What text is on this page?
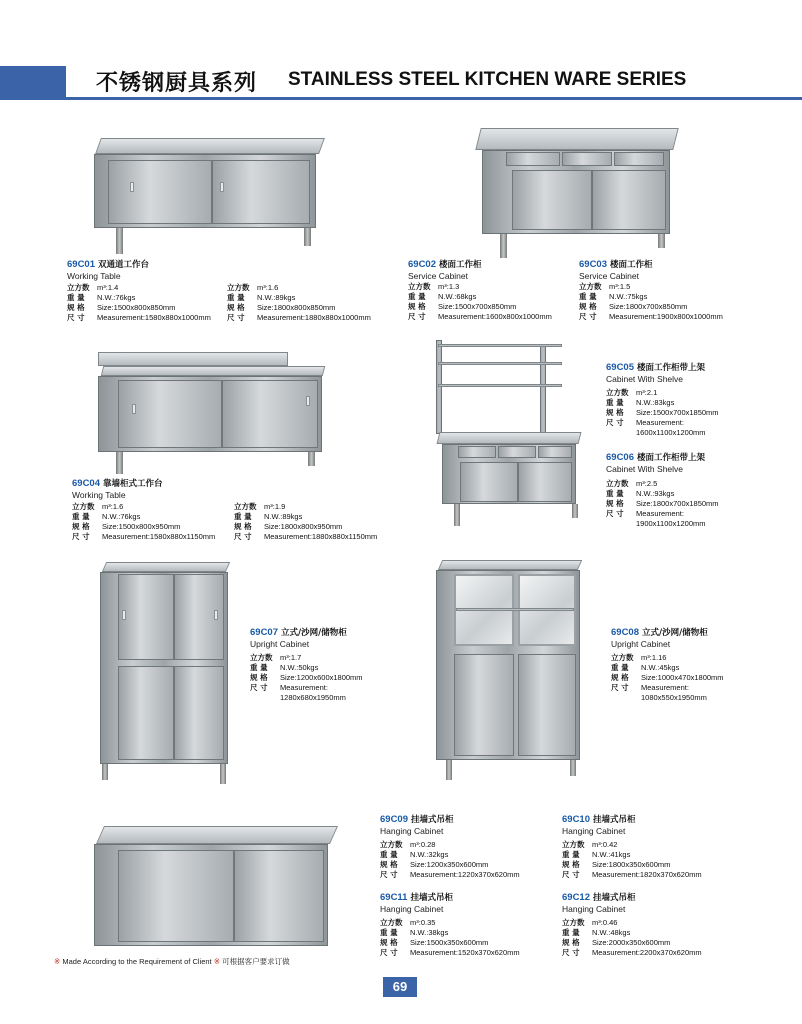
不锈钢厨具系列 STAINLESS STEEL KITCHEN WARE SERIES
69C01 双通道工作台
Working Table
立方数	m³:1.4
重 量	N.W.:76kgs
规 格	Size:1500x800x850mm
尺 寸	Measurement:1580x880x1000mm
立方数	m³:1.6
重 量	N.W.:89kgs
规 格	Size:1800x800x850mm
尺 寸	Measurement:1880x880x1000mm
69C02 楼面工作柜
Service Cabinet
立方数	m³:1.3
重 量	N.W.:68kgs
规 格	Size:1500x700x850mm
尺 寸	Measurement:1600x800x1000mm
69C03 楼面工作柜
Service Cabinet
立方数	m³:1.5
重 量	N.W.:75kgs
规 格	Size:1800x700x850mm
尺 寸	Measurement:1900x800x1000mm
69C04 靠墙柜式工作台
Working Table
立方数	m³:1.6
重 量	N.W.:76kgs
规 格	Size:1500x800x950mm
尺 寸	Measurement:1580x880x1150mm
立方数	m³:1.9
重 量	N.W.:89kgs
规 格	Size:1800x800x950mm
尺 寸	Measurement:1880x880x1150mm
69C05 楼面工作柜带上架
Cabinet With Shelve
立方数	m³:2.1
重 量	N.W.:83kgs
规 格	Size:1500x700x1850mm
尺 寸	Measurement:
1600x1100x1200mm
69C06 楼面工作柜带上架
Cabinet With Shelve
立方数	m³:2.5
重 量	N.W.:93kgs
规 格	Size:1800x700x1850mm
尺 寸	Measurement:
1900x1100x1200mm
69C07 立式/沙网/储物柜
Upright Cabinet
立方数	m³:1.7
重 量	N.W.:50kgs
规 格	Size:1200x600x1800mm
尺 寸	Measurement:
1280x680x1950mm
69C08 立式/沙网/储物柜
Upright Cabinet
立方数	m³:1.16
重 量	N.W.:45kgs
规 格	Size:1000x470x1800mm
尺 寸	Measurement:
1080x550x1950mm
69C09 挂墙式吊柜
Hanging Cabinet
立方数	m³:0.28
重 量	N.W.:32kgs
规 格	Size:1200x350x600mm
尺 寸	Measurement:1220x370x620mm
69C10 挂墙式吊柜
Hanging Cabinet
立方数	m³:0.42
重 量	N.W.:41kgs
规 格	Size:1800x350x600mm
尺 寸	Measurement:1820x370x620mm
69C11 挂墙式吊柜
Hanging Cabinet
立方数	m³:0.35
重 量	N.W.:38kgs
规 格	Size:1500x350x600mm
尺 寸	Measurement:1520x370x620mm
69C12 挂墙式吊柜
Hanging Cabinet
立方数	m³:0.46
重 量	N.W.:48kgs
规 格	Size:2000x350x600mm
尺 寸	Measurement:2200x370x620mm
※ Made According to the Requirement of Client ※ 可根据客户要求订做
69
